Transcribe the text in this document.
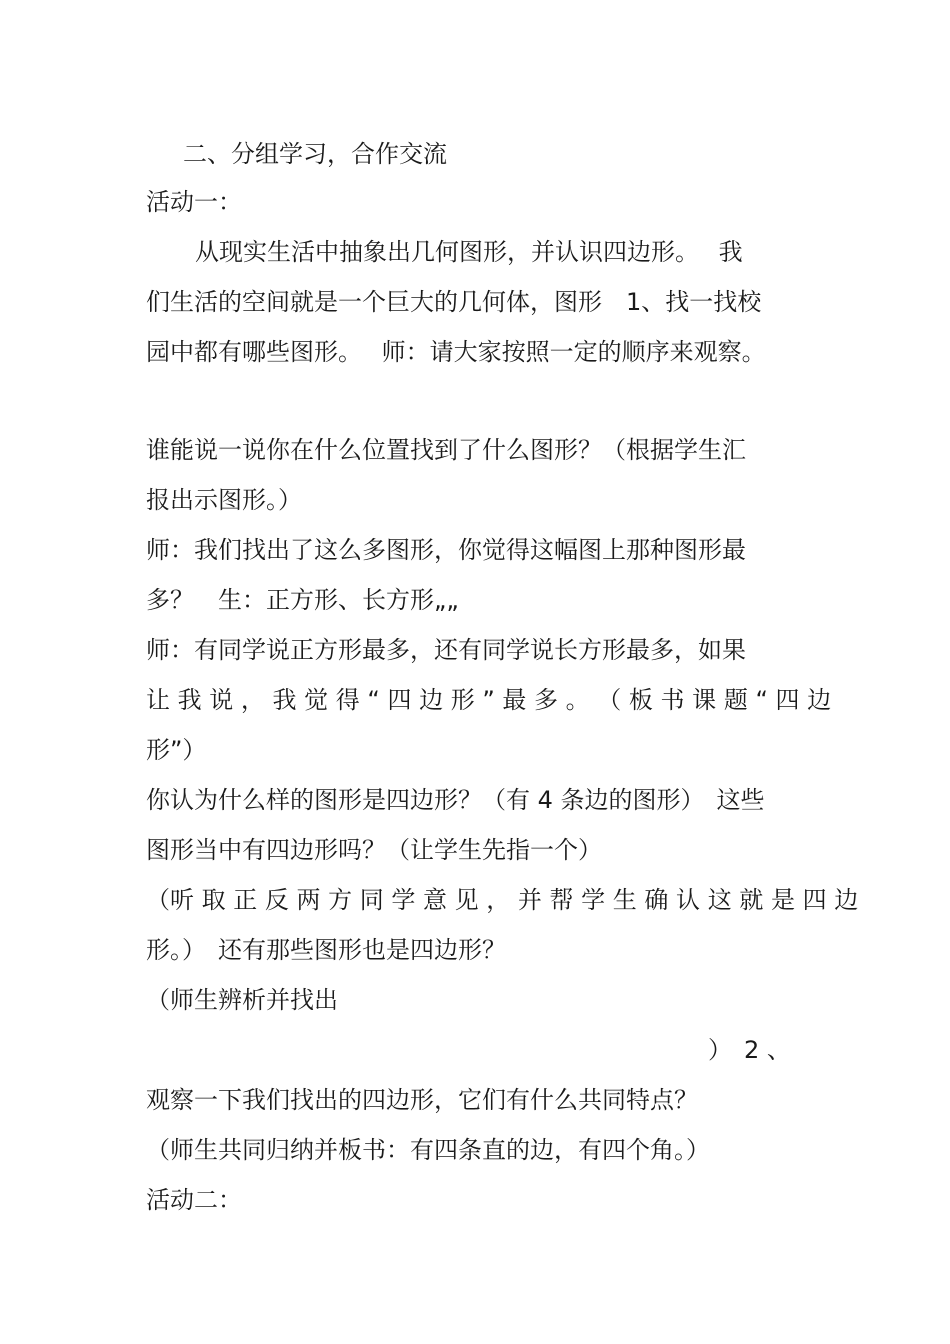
二、分组学习，合作交流
活动一：
从现实生活中抽象出几何图形，并认识四边形。　 我
们生活的空间就是一个巨大的几何体，图形　1、找一找校
园中都有哪些图形。　 师：请大家按照一定的顺序来观察。
谁能说一说你在什么位置找到了什么图形？（根据学生汇
报出示图形。）
师：我们找出了这么多图形，你觉得这幅图上那种图形最
多？　生：正方形、长方形„„
师：有同学说正方形最多，还有同学说长方形最多，如果
让 我 说 ， 我 觉 得 “ 四 边 形 ” 最 多 。 （ 板 书 课 题 “ 四 边
形”）
你认为什么样的图形是四边形？（有 4 条边的图形）　这些
图形当中有四边形吗？（让学生先指一个）
（听 取 正 反 两 方 同 学 意 见 ， 并 帮 学 生 确 认 这 就 是 四 边
形。）　还有那些图形也是四边形？
（师生辨析并找出
）　2 、
观察一下我们找出的四边形，它们有什么共同特点？
（师生共同归纳并板书：有四条直的边，有四个角。）
活动二：
